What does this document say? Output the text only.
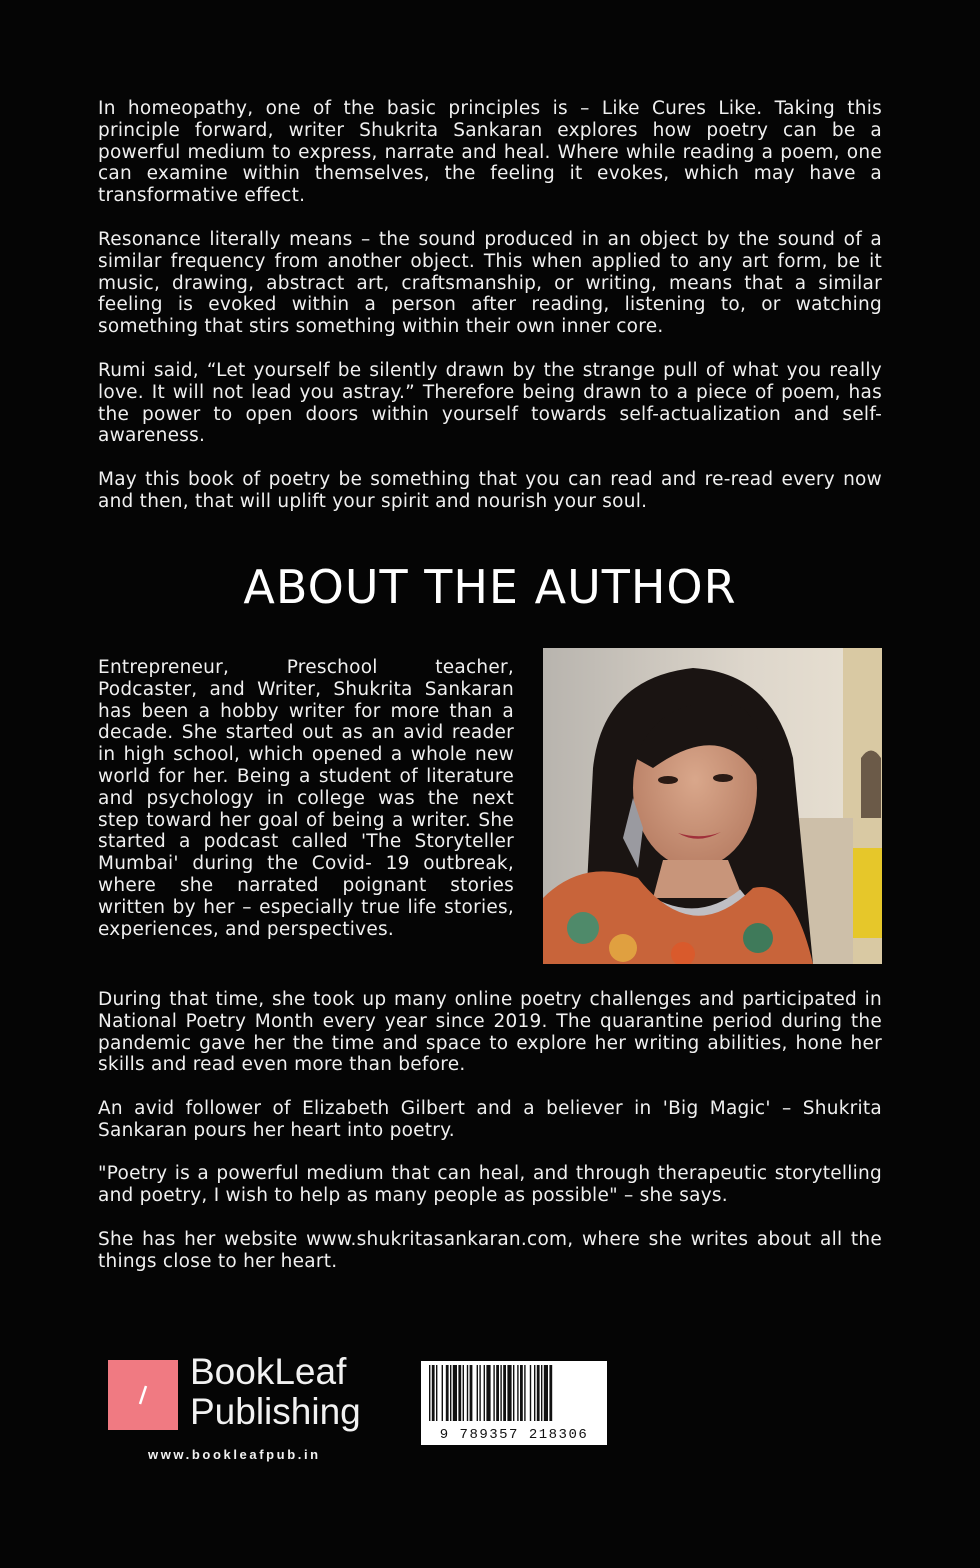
In homeopathy, one of the basic principles is – Like Cures Like. Taking this principle forward, writer Shukrita Sankaran explores how poetry can be a powerful medium to express, narrate and heal. Where while reading a poem, one can examine within themselves, the feeling it evokes, which may have a transformative effect.

Resonance literally means – the sound produced in an object by the sound of a similar frequency from another object. This when applied to any art form, be it music, drawing, abstract art, craftsmanship, or writing, means that a similar feeling is evoked within a person after reading, listening to, or watching something that stirs something within their own inner core.

Rumi said, “Let yourself be silently drawn by the strange pull of what you really love. It will not lead you astray.” Therefore being drawn to a piece of poem, has the power to open doors within yourself towards self-actualization and self-awareness.

May this book of poetry be something that you can read and re-read every now and then, that will uplift your spirit and nourish your soul.

ABOUT THE AUTHOR

Entrepreneur, Preschool teacher, Podcaster, and Writer, Shukrita Sankaran has been a hobby writer for more than a decade. She started out as an avid reader in high school, which opened a whole new world for her. Being a student of literature and psychology in college was the next step toward her goal of being a writer. She started a podcast called 'The Storyteller Mumbai' during the Covid- 19 outbreak, where she narrated poignant stories written by her – especially true life stories, experiences, and perspectives.

During that time, she took up many online poetry challenges and participated in National Poetry Month every year since 2019. The quarantine period during the pandemic gave her the time and space to explore her writing abilities, hone her skills and read even more than before.

An avid follower of Elizabeth Gilbert and a believer in 'Big Magic' – Shukrita Sankaran pours her heart into poetry.

"Poetry is a powerful medium that can heal, and through therapeutic storytelling and poetry, I wish to help as many people as possible" – she says.

She has her website www.shukritasankaran.com, where she writes about all the things close to her heart.

BookLeaf
Publishing
www.bookleafpub.in
9 789357 218306
